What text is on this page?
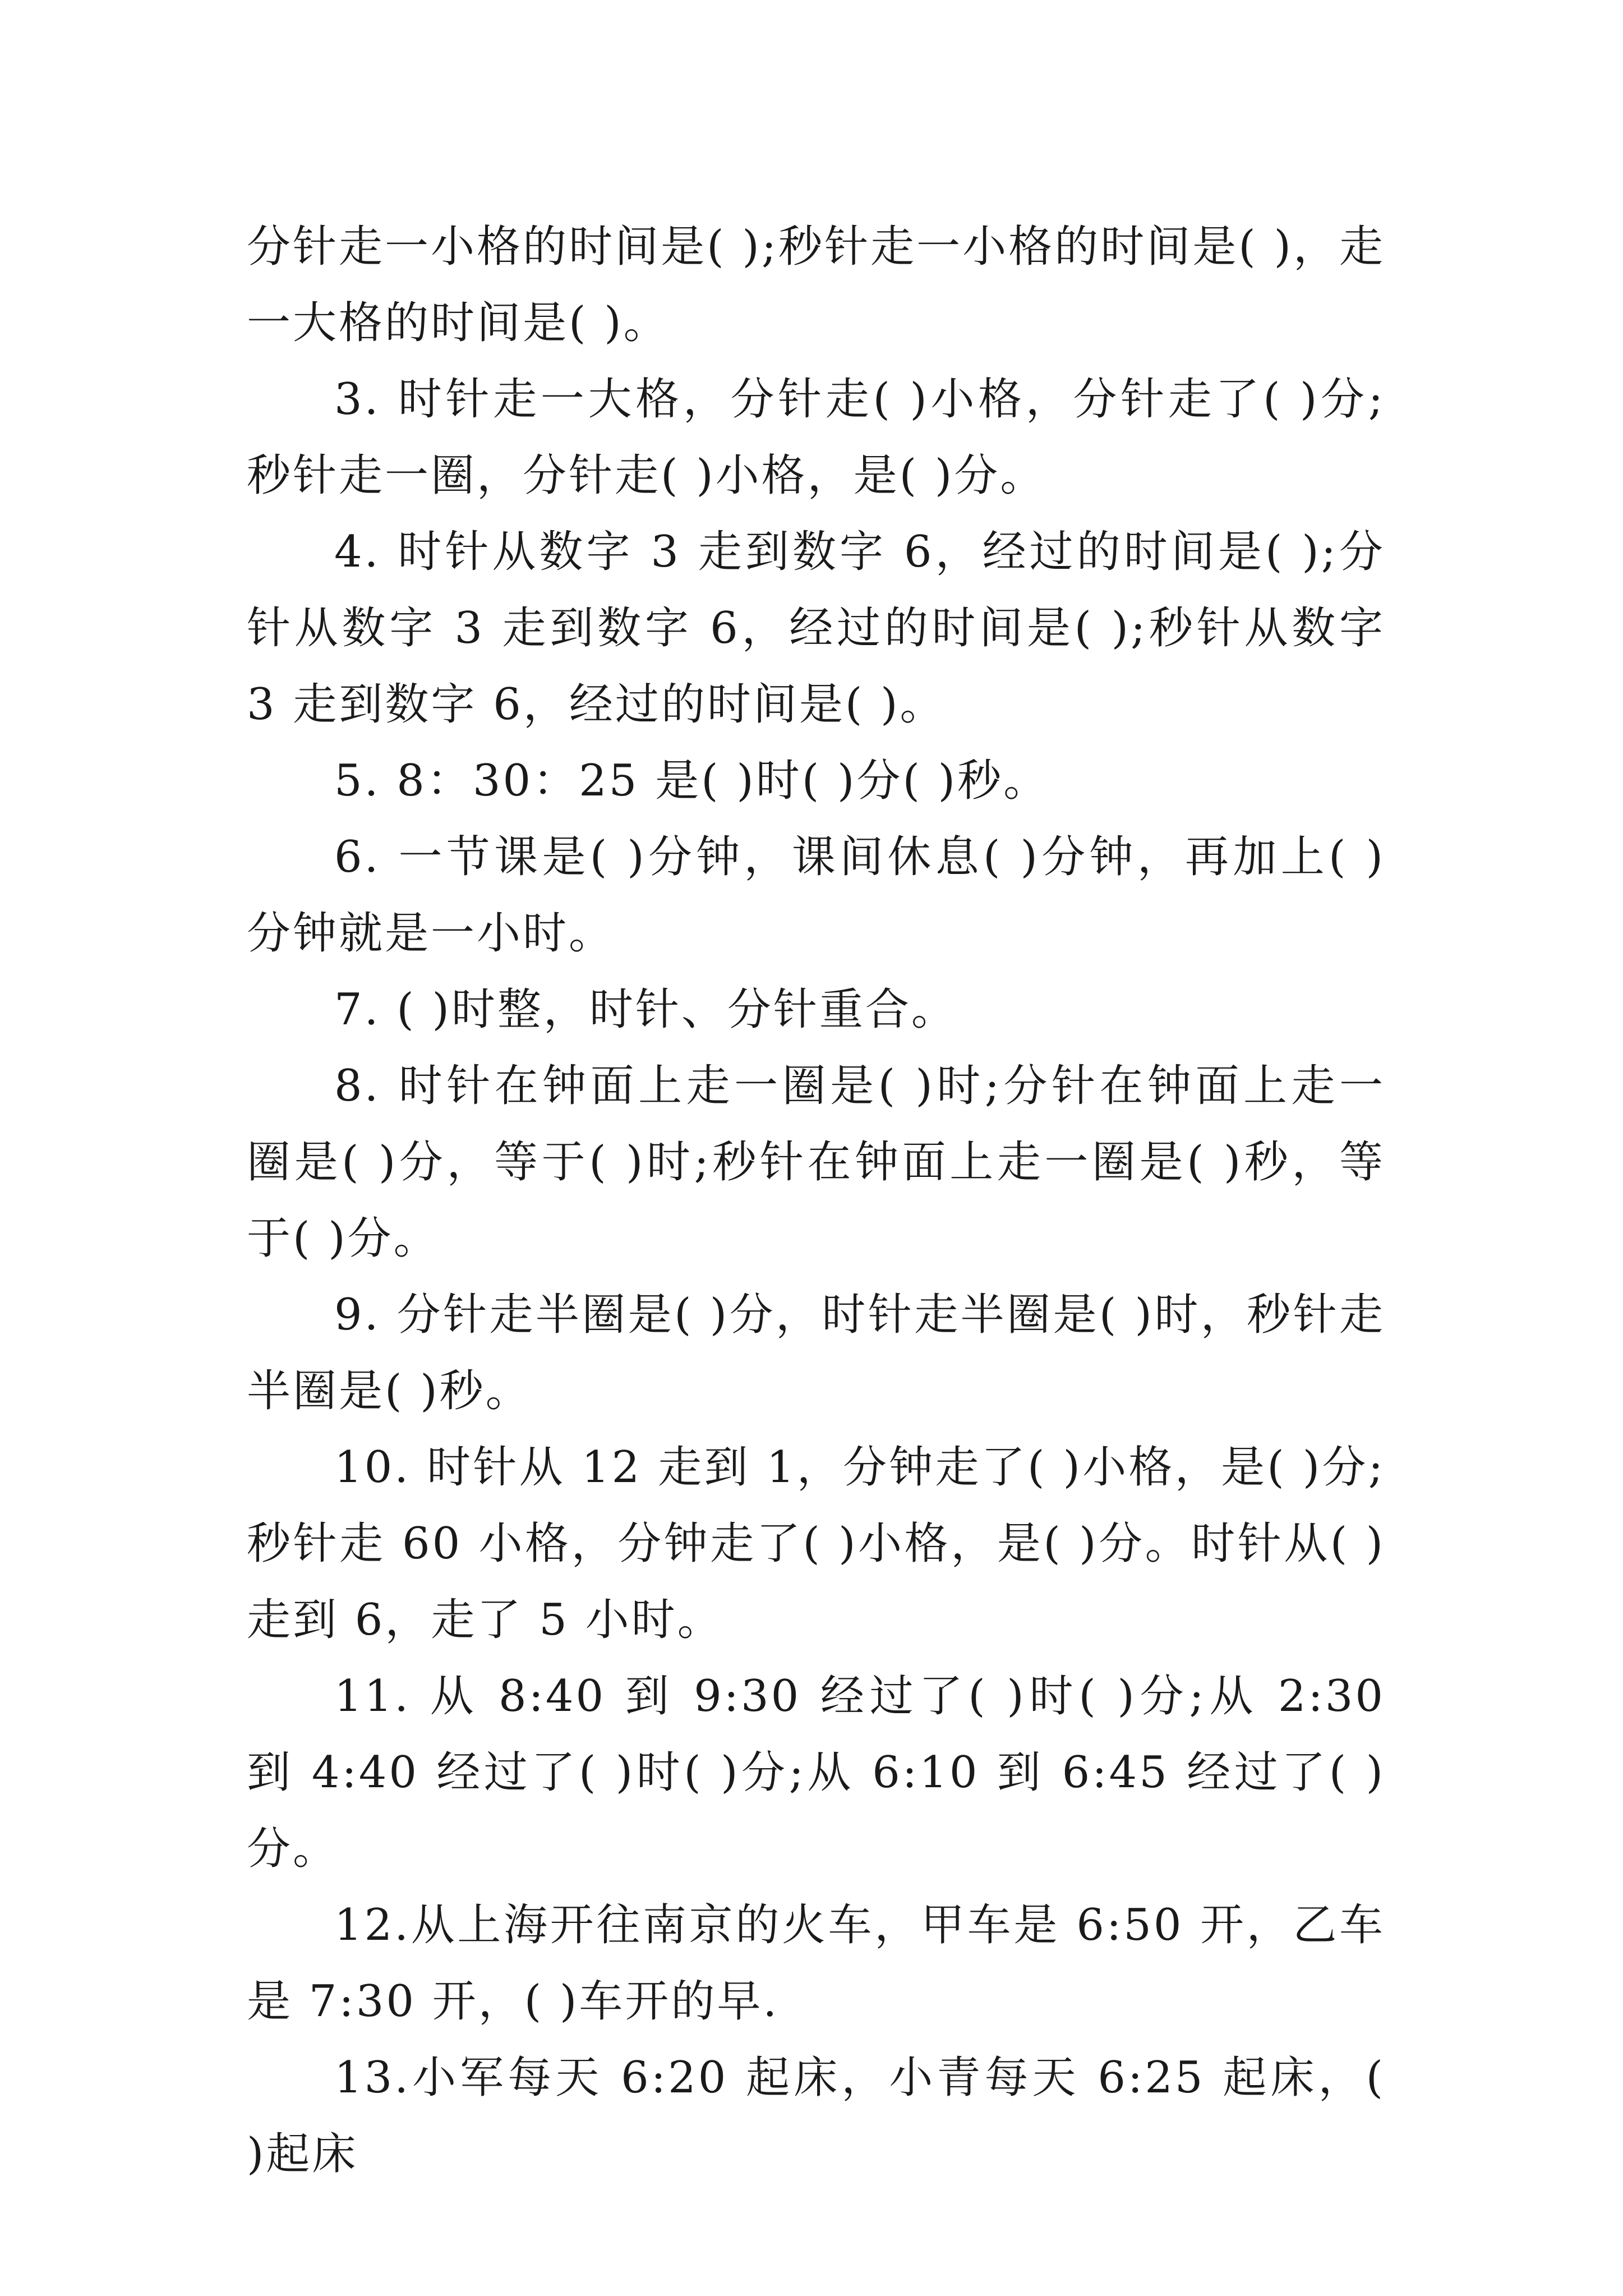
分针走一小格的时间是( );秒针走一小格的时间是( )，走一大格的时间是( )。

3. 时针走一大格，分针走( )小格，分针走了( )分;秒针走一圈，分针走( )小格，是( )分。

4. 时针从数字 3 走到数字 6，经过的时间是( );分针从数字 3 走到数字 6，经过的时间是( );秒针从数字 3 走到数字 6，经过的时间是( )。

5. 8：30：25 是( )时( )分( )秒。

6. 一节课是( )分钟，课间休息( )分钟，再加上( )分钟就是一小时。

7. ( )时整，时针、分针重合。

8. 时针在钟面上走一圈是( )时;分针在钟面上走一圈是( )分，等于( )时;秒针在钟面上走一圈是( )秒，等于( )分。

9. 分针走半圈是( )分，时针走半圈是( )时，秒针走半圈是( )秒。

10. 时针从 12 走到 1，分钟走了( )小格，是( )分;秒针走 60 小格，分钟走了( )小格，是( )分。时针从( )走到 6，走了 5 小时。

11. 从 8:40 到 9:30 经过了( )时( )分;从 2:30 到 4:40 经过了( )时( )分;从 6:10 到 6:45 经过了( )分。

12.从上海开往南京的火车，甲车是 6:50 开，乙车是 7:30 开，( )车开的早.

13.小军每天 6:20 起床，小青每天 6:25 起床，( )起床
